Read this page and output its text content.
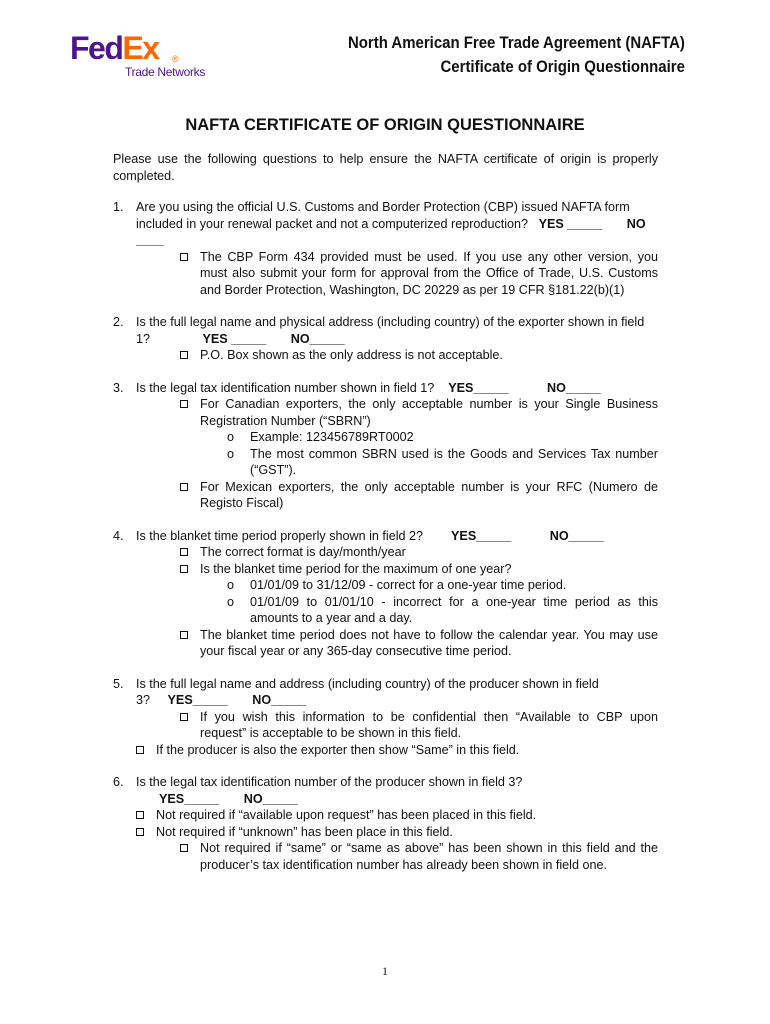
FedEx ®
Trade Networks
North American Free Trade Agreement (NAFTA)
Certificate of Origin Questionnaire
NAFTA CERTIFICATE OF ORIGIN QUESTIONNAIRE

Please use the following questions to help ensure the NAFTA certificate of origin is properly completed.

1. Are you using the official U.S. Customs and Border Protection (CBP) issued NAFTA form included in your renewal packet and not a computerized reproduction? YES _____ NO ____
The CBP Form 434 provided must be used. If you use any other version, you must also submit your form for approval from the Office of Trade, U.S. Customs and Border Protection, Washington, DC 20229 as per 19 CFR §181.22(b)(1)
2. Is the full legal name and physical address (including country) of the exporter shown in field 1?	YES _____ NO_____
P.O. Box shown as the only address is not acceptable.
3. Is the legal tax identification number shown in field 1? YES_____	NO_____
For Canadian exporters, the only acceptable number is your Single Business Registration Number (“SBRN”)
o Example: 123456789RT0002
o The most common SBRN used is the Goods and Services Tax number (“GST”).
For Mexican exporters, the only acceptable number is your RFC (Numero de Registo Fiscal)
4. Is the blanket time period properly shown in field 2? YES_____	NO_____
The correct format is day/month/year
Is the blanket time period for the maximum of one year?
o 01/01/09 to 31/12/09 - correct for a one-year time period.
o 01/01/09 to 01/01/10 - incorrect for a one-year time period as this amounts to a year and a day.
The blanket time period does not have to follow the calendar year. You may use your fiscal year or any 365-day consecutive time period.
5. Is the full legal name and address (including country) of the producer shown in field 3? YES_____ NO_____
If you wish this information to be confidential then “Available to CBP upon request” is acceptable to be shown in this field.
If the producer is also the exporter then show “Same” in this field.
6. Is the legal tax identification number of the producer shown in field 3?
YES_____ NO_____
Not required if “available upon request” has been placed in this field.
Not required if “unknown” has been place in this field.
Not required if “same” or “same as above” has been shown in this field and the producer’s tax identification number has already been shown in field one.
1
